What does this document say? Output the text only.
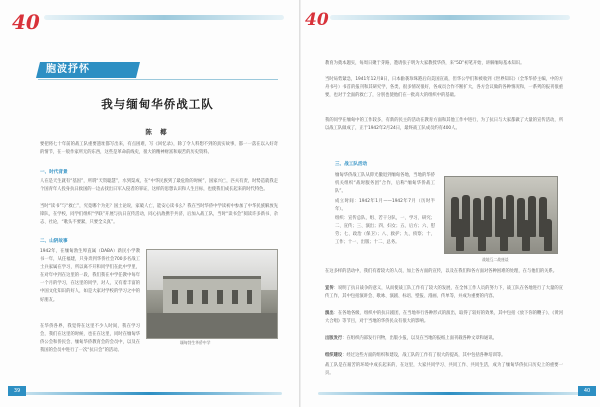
40
胞波抒怀
我与缅甸华侨战工队
陈 椰
要把将七十年前的战工队重要遗址都写出来，有点困难，写《回忆录》，除了令人料想不到的真实故事，都一一落在以入好奇的情节，在一般作家所无的东西，这些是革命前线史，很大的精神财富和艰苦的历史资料。
一、时代背景
人在是天生就有“基因”，所谓“天资聪慧”，水到渠成，在“中华民族到了最危险的时候”，国家兴亡，匹夫有责，时势造就我走个国青年人投身抗日救国的一边去找出日军入侵者的罪证，这样的思想认识和人生目标，也使我们成长起来的时代特色。
当时“读书”与“救亡”，究竟哪个为先？国土论说，家破人亡，能安心读书么？我在当时华侨中学读初中参加了中华民族解放先锋队，在学校，同学们组织“学联”开展与抗日宣传活动，同心抗敌携手共济，后加入战工队，当时“读书会”阅读许多新书、杂志、社论，“歌头不要紧，只要全义真”。
二、山阴故事
1942年，在缅甸勃生埠直属（DABA）新民小学教书一年，从任福建，只身奔到华侨社会700多名战工士兵家属在学习，所以离不开和同学们在此中学里，在对年中到在这里的一段，我们我在中学任教中每年一个月的学习，在这里的同学，对人，又有着丰富的中国文化知识的好人，如是大家对学校的学习之中的好朋友。
在华侨各界，我觉得在这里不少人时间，我在学习会，我们在这里的时候，也在在这里，同时在缅甸华侨公会和侨民会、缅甸华侨教育会的会员中，以及在我国的会员中进行了一次“抗日会”的活动。
缅甸勃生华侨中学
39
40
教育为奠本题实，每周日聚于芽路，邀请张子明为大家教授华侨，来“5D”初笔开始，讲解缅甸基本知识。
当时局势紧急，1941年12月8日，日本偷袭珍珠港后向美国宣战，但华公学们和被收到《世界知识》（全华华侨主编，中的方舟书号）书首的报刊和其研究学，各类，很多情况很好，各成员合作不断扩大，各方会议做的各种情况和，一系列的报刊很重要，也对于全面的救亡了，分别也使他们在一批高大的组织中的基础。
我的同学在缅甸中的工作较多，有新的民主的活动在教育方面和其他工作中进行，为了抗日与大家都做了大量的宣传活动，所以战工队做成了，正于1942年2月24日，最终战工队成员约有400人。
三、战工队活动
缅甸华侨战工队从仰光撤退到缅甸各地，当地的华侨机关组织“战时服务团”合作，后称“缅甸华侨战工队”。
成立时间：1942年1月——1942年7月（历时半年）。
组织：宣传总队、组、若干分队，一、学习、研究；二、宣传；三、演出；四、妇女；五、后方；六、慰劳；七、政治（保卫）；八、救护；九、侦察；十、工作；十一、出版；十二、总务。
战地互二战座谈
在这多样的活动中，我们有着较大的人员，加上各方面的宣传，以及在我们和各方面对各种困难的处理，在与他们的关系。
宣传：说明了抗日战争的意义，从而使战工队工作有了较大的发展，在全体工作人员的努力下，战工队在各地进行了大量的宣传工作，其中包括演讲会、歌咏、演剧、标语、壁报、漫画、传单等，并成为重要的内容。
演出：在各地各级、组织中的抗日剧团，在当地举行各种形式的演出，取得了较好的效果，其中包括《放下你的鞭子》、《黄河大合唱》等节目，对于当地的华侨民众有很大的影响。
出版发行：在组织内部发行刊物，出版小报，以及在当地的报纸上面刊载各种文章和通讯。
组织建设：经过这些方面的组织和建设，战工队的工作有了很大的提高，其中包括各种培训等。
战工队是在艰苦的环境中成长起来的，在这里，大家共同学习、共同工作、共同生活，成为了缅甸华侨抗日历史上的重要一页。
40
